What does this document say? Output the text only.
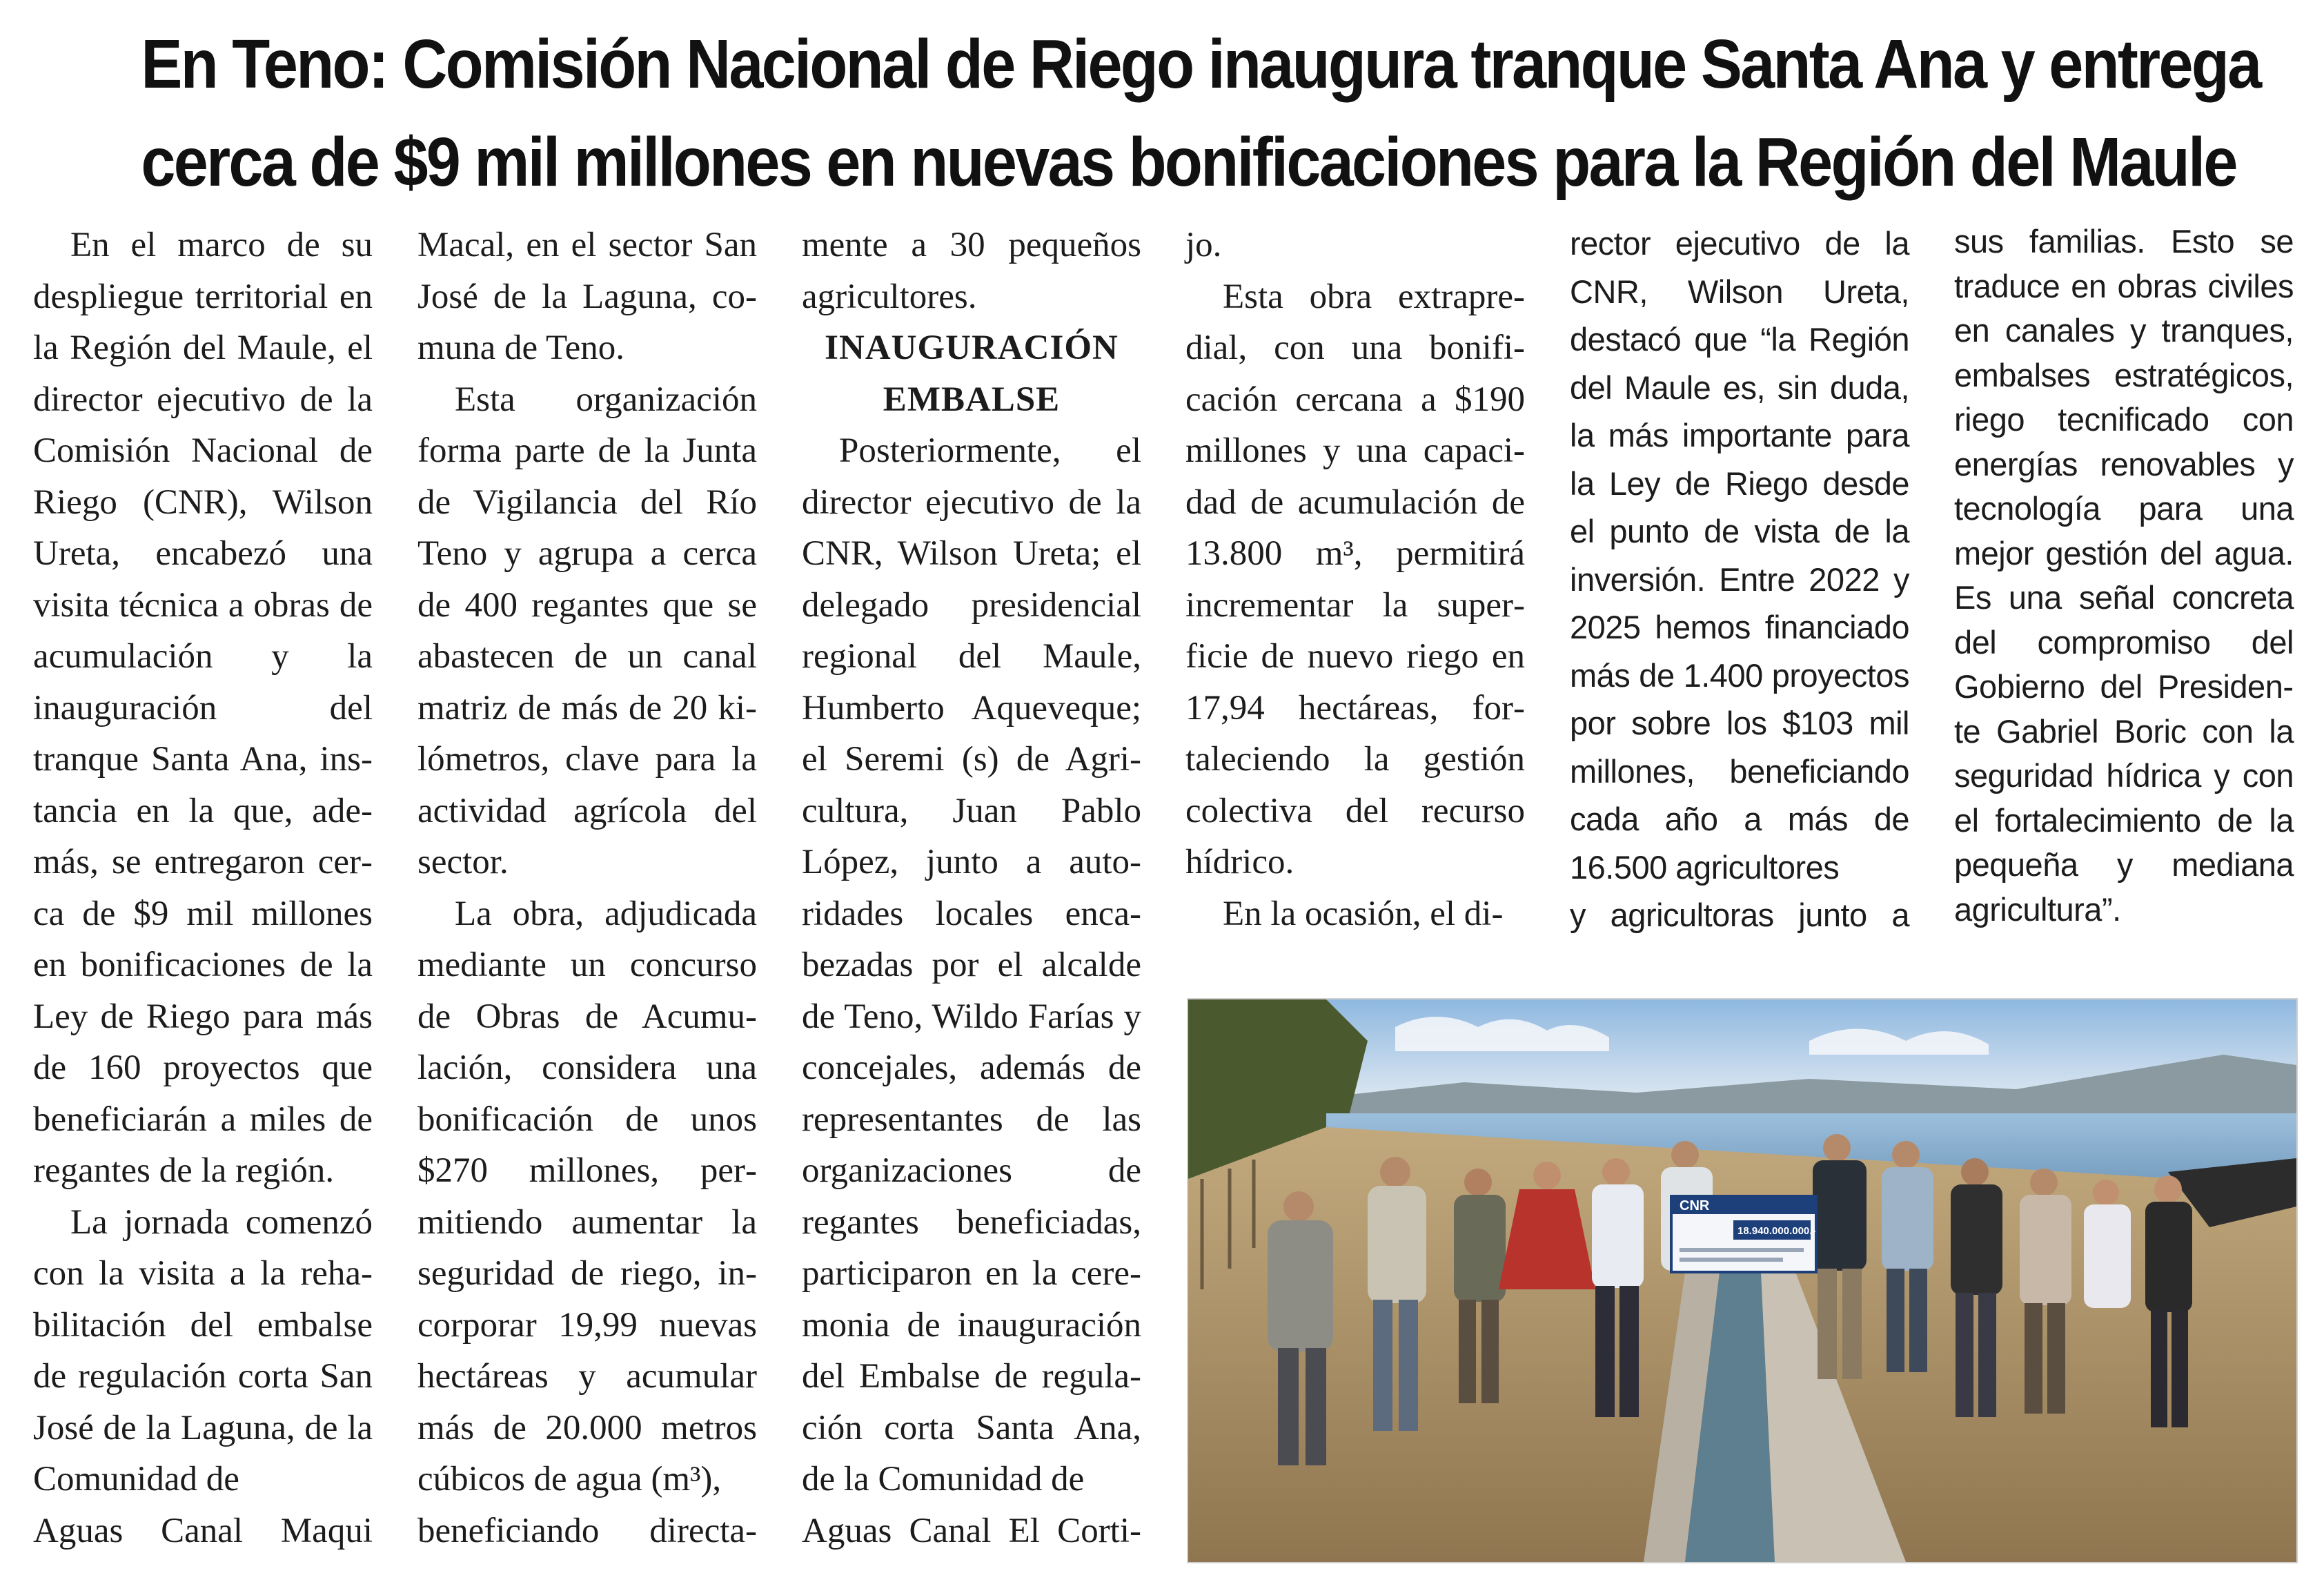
En Teno: Comisión Nacional de Riego inaugura tranque Santa Ana y entrega
cerca de $9 mil millones en nuevas bonificaciones para la Región del Maule

En el marco de su despliegue territorial en la Región del Maule, el director ejecutivo de la Comisión Nacional de Riego (CNR), Wilson Ureta, encabezó una visita técnica a obras de acumulación y la inauguración del tranque Santa Ana, instancia en la que, además, se entregaron cerca de $9 mil millones en bonificaciones de la Ley de Riego para más de 160 proyectos que beneficiarán a miles de regantes de la región.

La jornada comenzó con la visita a la rehabilitación del embalse de regulación corta San José de la Laguna, de la Comunidad de

Aguas Canal Maqui

Macal, en el sector San José de la Laguna, comuna de Teno.

Esta organización forma parte de la Junta de Vigilancia del Río Teno y agrupa a cerca de 400 regantes que se abastecen de un canal matriz de más de 20 kilómetros, clave para la actividad agrícola del sector.

La obra, adjudicada mediante un concurso de Obras de Acumulación, considera una bonificación de unos $270 millones, permitiendo aumentar la seguridad de riego, incorporar 19,99 nuevas hectáreas y acumular más de 20.000 metros cúbicos de agua (m³),

beneficiando directa-

mente a 30 pequeños agricultores.

INAUGURACIÓN EMBALSE

Posteriormente, el director ejecutivo de la CNR, Wilson Ureta; el delegado presidencial regional del Maule, Humberto Aqueveque; el Seremi (s) de Agricultura, Juan Pablo López, junto a autoridades locales encabezadas por el alcalde de Teno, Wildo Farías y concejales, además de representantes de las organizaciones de regantes beneficiadas, participaron en la ceremonia de inauguración del Embalse de regulación corta Santa Ana, de la Comunidad de

Aguas Canal El Corti-

jo.

Esta obra extrapredial, con una bonificación cercana a $190 millones y una capacidad de acumulación de 13.800 m³, permitirá incrementar la superficie de nuevo riego en 17,94 hectáreas, fortaleciendo la gestión colectiva del recurso hídrico.

En la ocasión, el di-

rector ejecutivo de la CNR, Wilson Ureta, destacó que “la Región del Maule es, sin duda, la más importante para la Ley de Riego desde el punto de vista de la inversión. Entre 2022 y 2025 hemos financiado más de 1.400 proyectos por sobre los $103 mil millones, beneficiando cada año a más de 16.500 agricultores

y agricultoras junto a

sus familias. Esto se traduce en obras civiles en canales y tranques, embalses estratégicos, riego tecnificado con energías renovables y tecnología para una mejor gestión del agua. Es una señal concreta del compromiso del Gobierno del Presidente Gabriel Boric con la seguridad hídrica y con el fortalecimiento de la pequeña y mediana agricultura”.

CNR
18.940.000.000.-
